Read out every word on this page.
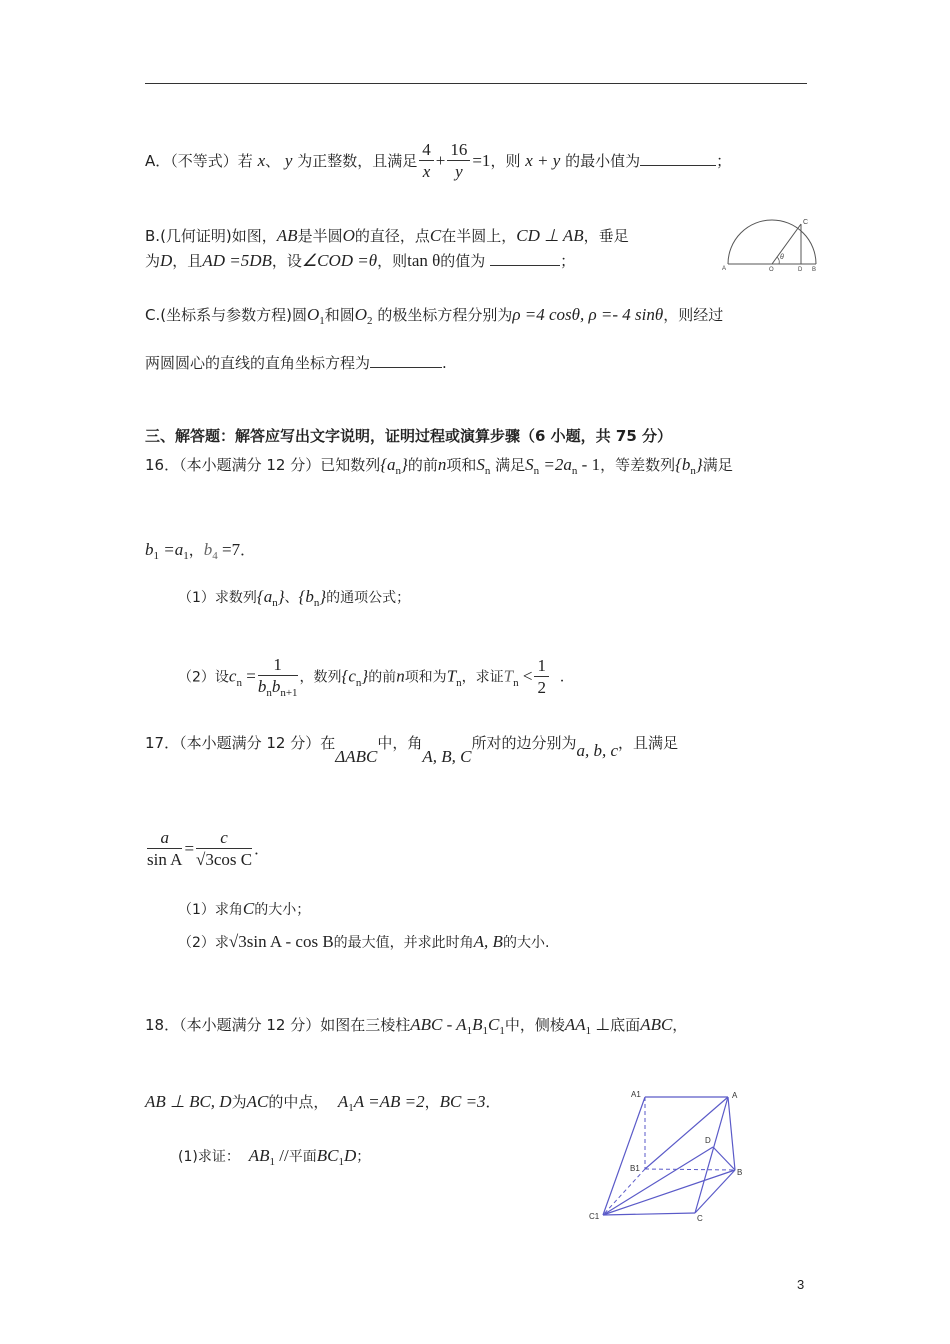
A．（不等式）若 x、 y 为正整数，且满足 $\frac{4}{x} + \frac{16}{y} =1$，则 x + y 的最小值为	；
B.(几何证明)如图，AB是半圆O的直径，点C在半圆上，CD ⊥ AB，垂足
为D，且AD =5DB，设∠COD =θ，则tan θ的值为	；
C
θ
A	O	D B
C.(坐标系与参数方程)圆$O_1$和圆$O_2$ 的极坐标方程分别为ρ =4 cosθ, ρ =- 4 sinθ，则经过
两圆圆心的直线的直角坐标方程为	.
三、解答题：解答应写出文字说明，证明过程或演算步骤（6 小题，共 75 分）
16．（本小题满分 12 分）已知数列$\{a_n\}$的前n项和$S_n$ 满足$S_n =2a_n - 1$，等差数列$\{b_n\}$满足
$b_1 =a_1$，$b_4 =7$．
（1）求数列$\{a_n\}$、$\{b_n\}$的通项公式；
（2）设$c_n = \frac{1}{b_nb_{n+1}}$ ，数列$\{c_n\}$的前n项和为$T_n$，求证$T_n < \frac{1}{2}$ ．
17．（本小题满分 12 分）在ΔABC中，角A, B, C所对的边分别为a, b, c，且满足
$\frac{a}{\text{sin A}} = \frac{c}{\text{√3cos C}}$ ．
（1）求角C的大小；
（2）求√3sin A - cos B的最大值，并求此时角A, B的大小.
18．（本小题满分 12 分）如图在三棱柱ABC - $A_1B_1C_1$中，侧棱$AA_1$ ⊥底面ABC，
AB ⊥ BC, D为AC的中点， $A_1A =AB =2$，BC =3．
(1)求证： $AB_1$ //平面$BC_1D$；
A1	A
D
B1	B
C1	C
3
